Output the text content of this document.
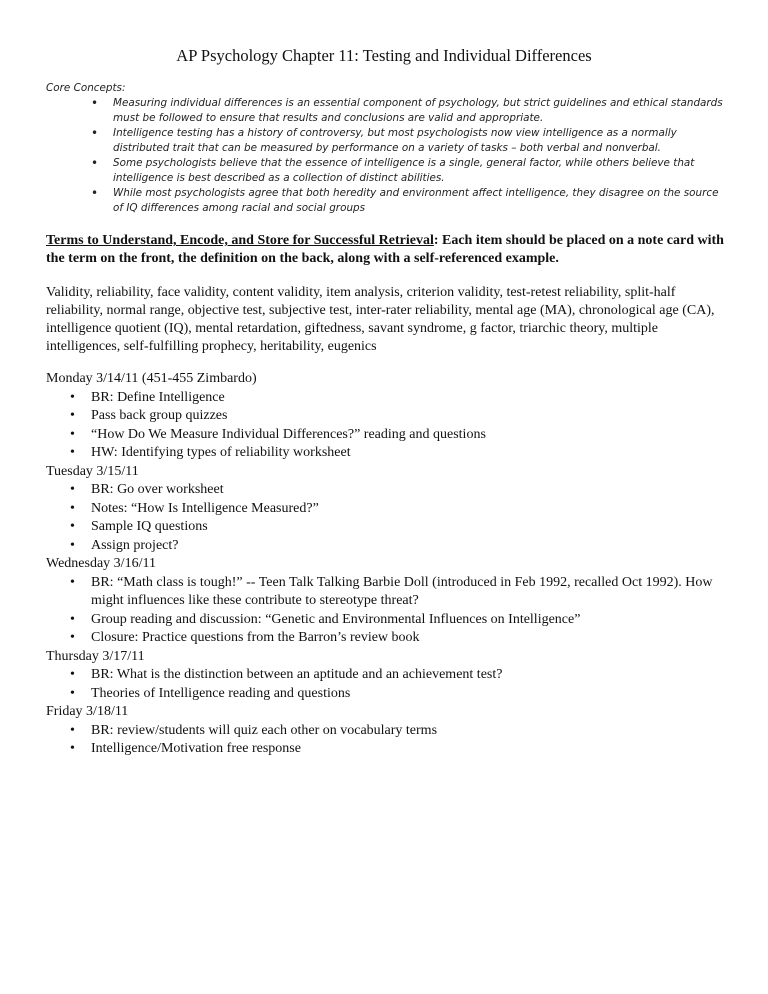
AP Psychology Chapter 11: Testing and Individual Differences
Core Concepts:
• Measuring individual differences is an essential component of psychology, but strict guidelines and ethical standards must be followed to ensure that results and conclusions are valid and appropriate.
• Intelligence testing has a history of controversy, but most psychologists now view intelligence as a normally distributed trait that can be measured by performance on a variety of tasks – both verbal and nonverbal.
• Some psychologists believe that the essence of intelligence is a single, general factor, while others believe that intelligence is best described as a collection of distinct abilities.
• While most psychologists agree that both heredity and environment affect intelligence, they disagree on the source of IQ differences among racial and social groups
Terms to Understand, Encode, and Store for Successful Retrieval: Each item should be placed on a note card with the term on the front, the definition on the back, along with a self-referenced example.
Validity, reliability, face validity, content validity, item analysis, criterion validity, test-retest reliability, split-half reliability, normal range, objective test, subjective test, inter-rater reliability, mental age (MA), chronological age (CA), intelligence quotient (IQ), mental retardation, giftedness, savant syndrome, g factor, triarchic theory, multiple intelligences, self-fulfilling prophecy, heritability, eugenics
Monday 3/14/11 (451-455 Zimbardo)
• BR: Define Intelligence
• Pass back group quizzes
• “How Do We Measure Individual Differences?” reading and questions
• HW: Identifying types of reliability worksheet
Tuesday 3/15/11
• BR: Go over worksheet
• Notes: “How Is Intelligence Measured?”
• Sample IQ questions
• Assign project?
Wednesday 3/16/11
• BR: “Math class is tough!” -- Teen Talk Talking Barbie Doll (introduced in Feb 1992, recalled Oct 1992). How might influences like these contribute to stereotype threat?
• Group reading and discussion: “Genetic and Environmental Influences on Intelligence”
• Closure: Practice questions from the Barron’s review book
Thursday 3/17/11
• BR: What is the distinction between an aptitude and an achievement test?
• Theories of Intelligence reading and questions
Friday 3/18/11
• BR: review/students will quiz each other on vocabulary terms
• Intelligence/Motivation free response
